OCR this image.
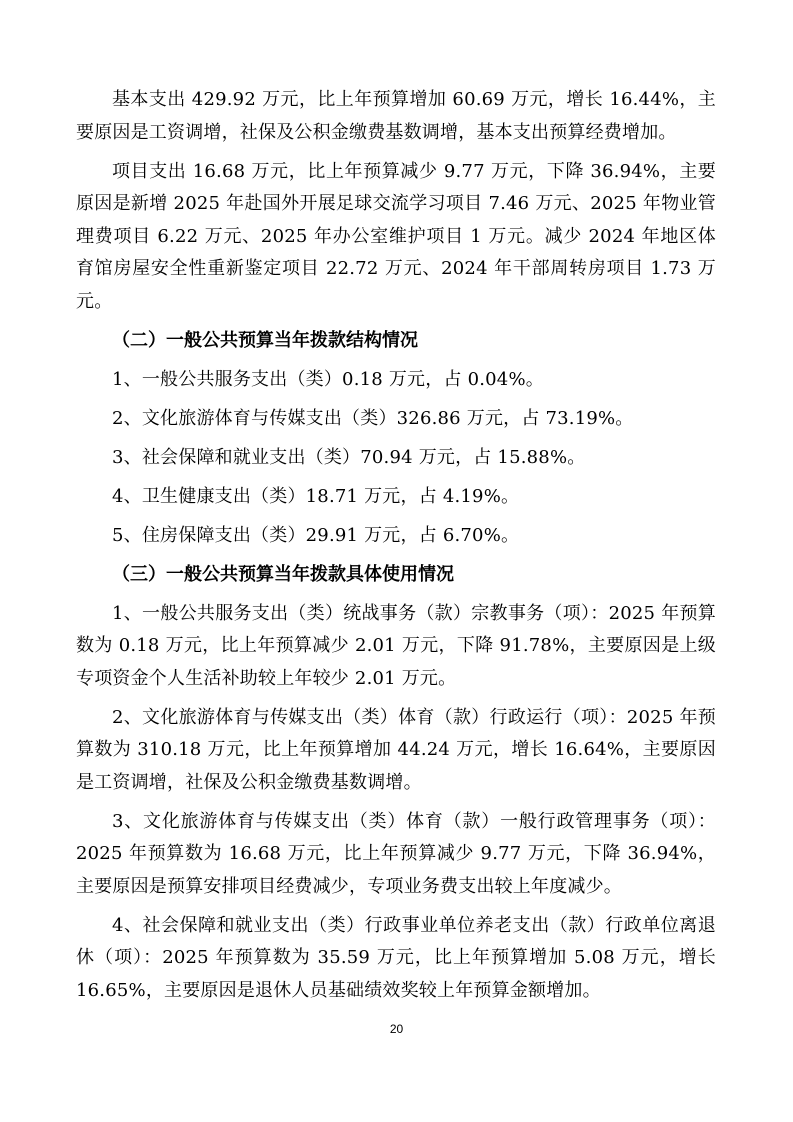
基本支出 429.92 万元，比上年预算增加 60.69 万元，增长 16.44%，主要原因是工资调增，社保及公积金缴费基数调增，基本支出预算经费增加。

项目支出 16.68 万元，比上年预算减少 9.77 万元，下降 36.94%，主要原因是新增 2025 年赴国外开展足球交流学习项目 7.46 万元、2025 年物业管理费项目 6.22 万元、2025 年办公室维护项目 1 万元。减少 2024 年地区体育馆房屋安全性重新鉴定项目 22.72 万元、2024 年干部周转房项目 1.73 万元。

（二）一般公共预算当年拨款结构情况

1、一般公共服务支出（类）0.18 万元，占 0.04%。

2、文化旅游体育与传媒支出（类）326.86 万元，占 73.19%。

3、社会保障和就业支出（类）70.94 万元，占 15.88%。

4、卫生健康支出（类）18.71 万元，占 4.19%。

5、住房保障支出（类）29.91 万元，占 6.70%。

（三）一般公共预算当年拨款具体使用情况

1、一般公共服务支出（类）统战事务（款）宗教事务（项）：2025 年预算数为 0.18 万元，比上年预算减少 2.01 万元，下降 91.78%，主要原因是上级专项资金个人生活补助较上年较少 2.01 万元。

2、文化旅游体育与传媒支出（类）体育（款）行政运行（项）：2025 年预算数为 310.18 万元，比上年预算增加 44.24 万元，增长 16.64%，主要原因是工资调增，社保及公积金缴费基数调增。

3、文化旅游体育与传媒支出（类）体育（款）一般行政管理事务（项）：2025 年预算数为 16.68 万元，比上年预算减少 9.77 万元，下降 36.94%，主要原因是预算安排项目经费减少，专项业务费支出较上年度减少。

4、社会保障和就业支出（类）行政事业单位养老支出（款）行政单位离退休（项）：2025 年预算数为 35.59 万元，比上年预算增加 5.08 万元，增长 16.65%，主要原因是退休人员基础绩效奖较上年预算金额增加。

20
